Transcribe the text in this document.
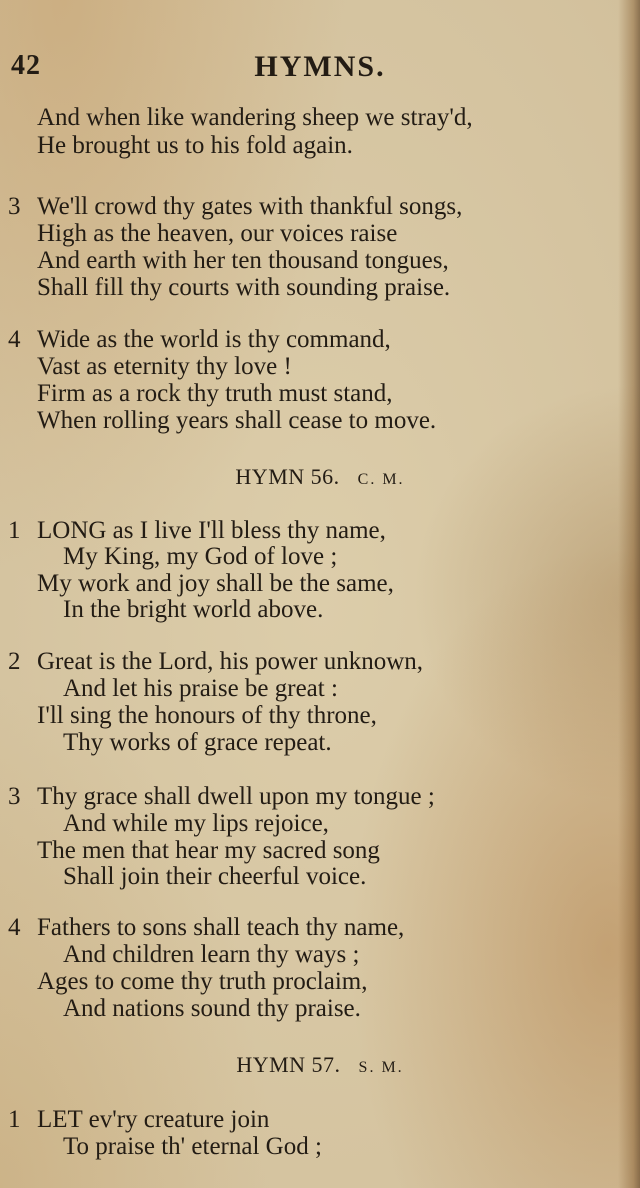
42	HYMNS.
And when like wandering sheep we stray'd,
He brought us to his fold again.
3 We'll crowd thy gates with thankful songs,
High as the heaven, our voices raise
And earth with her ten thousand tongues,
Shall fill thy courts with sounding praise.
4 Wide as the world is thy command,
Vast as eternity thy love !
Firm as a rock thy truth must stand,
When rolling years shall cease to move.
HYMN 56. C. M.
1 LONG as I live I'll bless thy name,
My King, my God of love ;
My work and joy shall be the same,
In the bright world above.
2 Great is the Lord, his power unknown,
And let his praise be great :
I'll sing the honours of thy throne,
Thy works of grace repeat.
3 Thy grace shall dwell upon my tongue ;
And while my lips rejoice,
The men that hear my sacred song
Shall join their cheerful voice.
4 Fathers to sons shall teach thy name,
And children learn thy ways ;
Ages to come thy truth proclaim,
And nations sound thy praise.
HYMN 57. S. M.
1 LET ev'ry creature join
To praise th' eternal God ;
